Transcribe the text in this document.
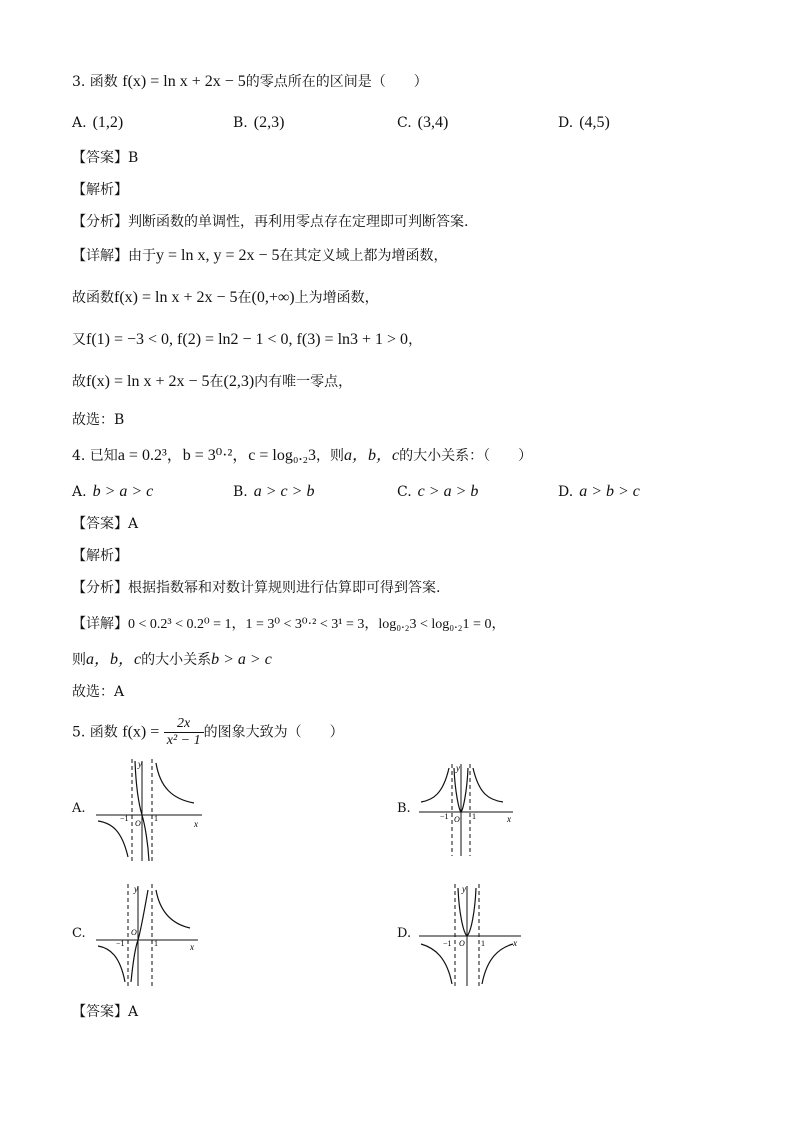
3. 函数 f(x) = ln x + 2x − 5的零点所在的区间是（　　）
A. (1,2)	B. (2,3)	C. (3,4)	D. (4,5)
【答案】B
【解析】
【分析】判断函数的单调性，再利用零点存在定理即可判断答案.
【详解】由于y = ln x, y = 2x − 5在其定义域上都为增函数，
故函数f(x) = ln x + 2x − 5在(0,+∞)上为增函数，
又f(1) = −3 < 0, f(2) = ln2 − 1 < 0, f(3) = ln3 + 1 > 0，
故f(x) = ln x + 2x − 5在(2,3)内有唯一零点，
故选：B
4. 已知a = 0.2³，b = 3⁰·²，c = log₀.₂3，则a，b，c的大小关系：（　　）
A. b > a > c	B. a > c > b	C. c > a > b	D. a > b > c
【答案】A
【解析】
【分析】根据指数幂和对数计算规则进行估算即可得到答案.
【详解】0 < 0.2³ < 0.2⁰ = 1，1 = 3⁰ < 3⁰·² < 3¹ = 3，log₀.₂3 < log₀.₂1 = 0，
则a，b，c的大小关系b > a > c
故选：A
5. 函数 $f(x) = \frac{2x}{\text{x² − 1}}$ 的图象大致为（　　）
A.	B.
C.	D.
y
x
O
−1	1
y
x
O
−1	1
y
x
O
−1	1
y
x
O
−1	1
【答案】A
